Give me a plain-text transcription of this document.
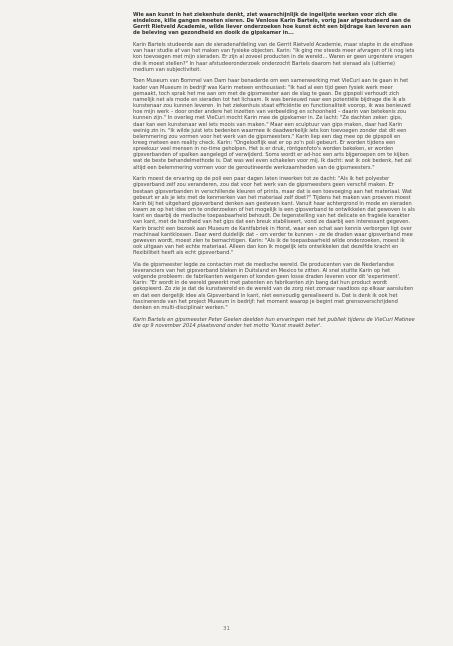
Wie aan kunst in het ziekenhuis denkt, ziet waarschijnlijk de ingelijste werken voor zich die eindeloze, kille gangen moeten sieren. De Venlose Karin Bartels, vorig jaar afgestudeerd aan de Gerrit Rietveld Academie, wilde liever onderzoeken hoe kunst écht een bijdrage kan leveren aan de beleving van gezondheid en dooik de gipskamer in...

Karin Bartels studeerde aan de sieradenafdeling van de Gerrit Rietveld Academie, maar stapte in de eindfase van haar studie af van het maken van fysieke objecten. Karin: "Ik ging me steeds meer afvragen of ik nog iets kon toevoegen met mijn sieraden. Er zijn al zoveel producten in de wereld... Waren er geen urgentere vragen die ik moest stellen?" In haar afstudeeronderzoek onderzocht Bartels daarom het sieraad als (ultieme) medium van subjectiviteit.

Toen Museum van Bommel van Dam haar benaderde om een samenwerking met VieCuri aan te gaan in het kader van Museum in bedrijf was Karin meteen enthousiast: "Ik had al een tijd geen fysiek werk meer gemaakt, toch sprak het me aan om met de gipsmeester aan de slag te gaan. De gipspoli verhoudt zich namelijk net als mode en sieraden tot het lichaam. Ik was benieuwd naar een potentiële bijdrage die ik als kunstenaar zou kunnen leveren. In het ziekenhuis staat efficiëntie en functionaliteit voorop, ik was benieuwd hoe mijn werk – door onder andere het inzetten van verbeelding en schoonheid – daarin van betekenis zou kunnen zijn." In overleg met VieCuri mocht Karin mee de gipskamer in. Ze lacht: "Ze dachten zeker: gips, daar kan een kunstenaar wel iets moois van maken." Maar een sculptuur van gips maken, daar had Karin weinig zin in. "Ik wilde juist iets bedenken waarmee ik daadwerkelijk iets kon toevoegen zonder dat dit een belemmering zou vormen voor het werk van de gipsmeesters." Karin liep een dag mee op de gipspoli en kreeg meteen een reality check. Karin: "Ongelooflijk wat er op zo'n poli gebeurt. Er worden tijdens een spreekuur veel mensen in no-time geholpen. Het is er druk, röntgenfoto's worden bekeken, er worden gipsverbanden of spalken aangelegd of verwijderd. Soms wordt er ad-hoc een arts bijgeroepen om te kijken wat de beste behandelmethode is. Dat was wel even schakelen voor mij. Ik dacht: wat ik ook bedenk, het zal altijd een belemmering vormen voor de geroutineerde werkzaamheden van de gipsmeesters."

Karin moest de ervaring op de poli een paar dagen laten inwerken tot ze dacht: "Als ik het polyester gipsverband zelf zou veranderen, zou dat voor het werk van de gipsmeesters geen verschil maken. Er bestaan gipsverbanden in verschillende kleuren of prints, maar dat is een toevoeging aan het materiaal. Wat gebeurt er als je iets met de kenmerken van het materiaal zelf doet?" Tijdens het maken van proeven moest Karin bij het uitgehard gipsverband denken aan gesteven kant. Vanuit haar achtergrond in mode en sieraden kwam ze op het idee om te onderzoeken of het mogelijk is een gipsverband te ontwikkelen dat gewoven is als kant en daarbij de medische toepasbaarheid behoudt. De tegenstelling van het delicate en fragiele karakter van kant, met de hardheid van het gips dat een breuk stabiliseert, vond ze daarbij een interessant gegeven. Karin bracht een bezoek aan Museum de Kantfabriek in Horst, waar een schat aan kennis verborgen ligt over machinaal kantklossen. Daar werd duidelijk dat – om verder te kunnen – ze de draden waar gipsverband mee geweven wordt, moest zien te bemachtigen. Karin: "Als ik de toepasbaarheid wilde onderzoeken, moest ik ook uitgaan van het echte materiaal. Alleen dan kon ik mogelijk iets ontwikkelen dat dezelfde kracht en flexibiliteit heeft als echt gipsverband."

Via de gipsmeester legde ze contacten met de medische wereld. De producenten van de Nederlandse leveranciers van het gipsverband bleken in Duitsland en Mexico te zitten. Al snel stuitte Karin op het volgende probleem: de fabrikanten weigeren of konden geen losse draden leveren voor dit 'experiment'. Karin: "Er wordt in de wereld gewerkt met patenten en fabrikanten zijn bang dat hun product wordt gekopieerd. Zo zie je dat de kunstwereld en de wereld van de zorg niet zomaar naadloos op elkaar aansluiten en dat een dergelijk idee als Gipsverband in kant, niet eenvoudig gerealiseerd is. Dat is denk ik ook het fascinerende van het project Museum in bedrijf: het moment waarop je begint met grensoverschrijdend denken en multi-disciplinair werken."

Karin Bartels en gipsmeester Peter Geelen deelden hun ervaringen met het publiek tijdens de VieCuri Matinee die op 9 november 2014 plaatsvond onder het motto 'Kunst maakt beter'.

31
